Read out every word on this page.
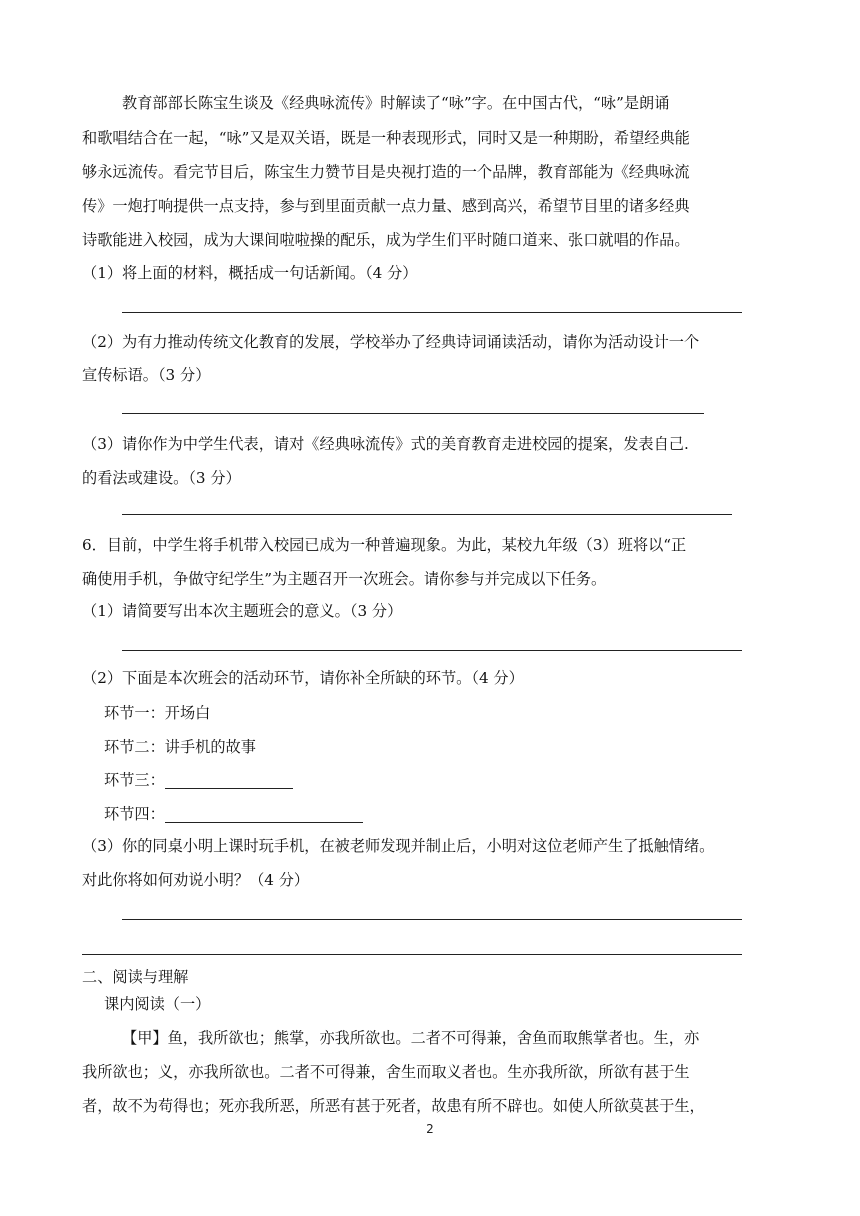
教育部部长陈宝生谈及《经典咏流传》时解读了“咏”字。在中国古代，“咏”是朗诵
和歌唱结合在一起，“咏”又是双关语，既是一种表现形式，同时又是一种期盼，希望经典能
够永远流传。看完节目后，陈宝生力赞节目是央视打造的一个品牌，教育部能为《经典咏流
传》一炮打响提供一点支持，参与到里面贡献一点力量、感到高兴，希望节目里的诸多经典
诗歌能进入校园，成为大课间啦啦操的配乐，成为学生们平时随口道来、张口就唱的作品。
（1）将上面的材料，概括成一句话新闻。（4 分）
（2）为有力推动传统文化教育的发展，学校举办了经典诗词诵读活动，请你为活动设计一个
宣传标语。（3 分）
（3）请你作为中学生代表，请对《经典咏流传》式的美育教育走进校园的提案，发表自己.
的看法或建设。（3 分）
6．目前，中学生将手机带入校园已成为一种普遍现象。为此，某校九年级（3）班将以“正
确使用手机，争做守纪学生”为主题召开一次班会。请你参与并完成以下任务。
（1）请简要写出本次主题班会的意义。（3 分）
（2）下面是本次班会的活动环节，请你补全所缺的环节。（4 分）
环节一：开场白
环节二：讲手机的故事
环节三：
环节四：
（3）你的同桌小明上课时玩手机，在被老师发现并制止后，小明对这位老师产生了抵触情绪。
对此你将如何劝说小明？（4 分）
二、阅读与理解
课内阅读（一）
【甲】鱼，我所欲也；熊掌，亦我所欲也。二者不可得兼，舍鱼而取熊掌者也。生，亦
我所欲也；义，亦我所欲也。二者不可得兼，舍生而取义者也。生亦我所欲，所欲有甚于生
者，故不为苟得也；死亦我所恶，所恶有甚于死者，故患有所不辟也。如使人所欲莫甚于生，
2
